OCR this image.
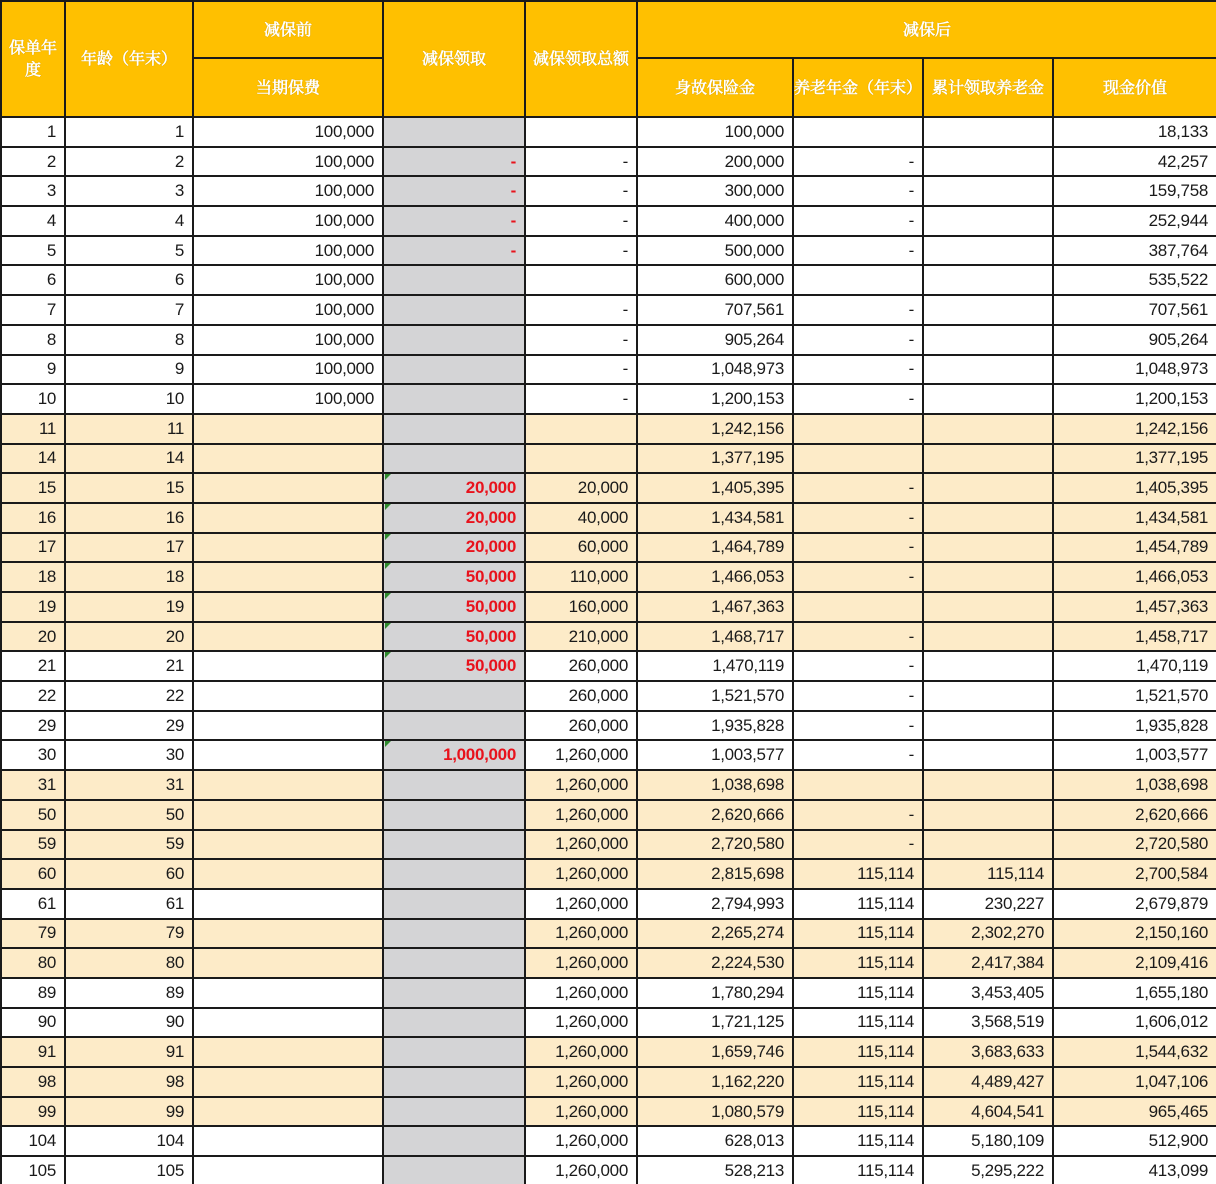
保单年度	年龄（年末）	减保前	减保领取	减保领取总额	减保后			
		当期保费			身故保险金	养老年金（年末）	累计领取养老金	现金价值
1	1	100,000			100,000			18,133
2	2	100,000	-	-	200,000	-		42,257
3	3	100,000	-	-	300,000	-		159,758
4	4	100,000	-	-	400,000	-		252,944
5	5	100,000	-	-	500,000	-		387,764
6	6	100,000			600,000			535,522
7	7	100,000		-	707,561	-		707,561
8	8	100,000		-	905,264	-		905,264
9	9	100,000		-	1,048,973	-		1,048,973
10	10	100,000		-	1,200,153	-		1,200,153
11	11				1,242,156			1,242,156
14	14				1,377,195			1,377,195
15	15		20,000	20,000	1,405,395	-		1,405,395
16	16		20,000	40,000	1,434,581	-		1,434,581
17	17		20,000	60,000	1,464,789	-		1,454,789
18	18		50,000	110,000	1,466,053	-		1,466,053
19	19		50,000	160,000	1,467,363			1,457,363
20	20		50,000	210,000	1,468,717	-		1,458,717
21	21		50,000	260,000	1,470,119	-		1,470,119
22	22			260,000	1,521,570	-		1,521,570
29	29			260,000	1,935,828	-		1,935,828
30	30		1,000,000	1,260,000	1,003,577	-		1,003,577
31	31			1,260,000	1,038,698			1,038,698
50	50			1,260,000	2,620,666	-		2,620,666
59	59			1,260,000	2,720,580	-		2,720,580
60	60			1,260,000	2,815,698	115,114	115,114	2,700,584
61	61			1,260,000	2,794,993	115,114	230,227	2,679,879
79	79			1,260,000	2,265,274	115,114	2,302,270	2,150,160
80	80			1,260,000	2,224,530	115,114	2,417,384	2,109,416
89	89			1,260,000	1,780,294	115,114	3,453,405	1,655,180
90	90			1,260,000	1,721,125	115,114	3,568,519	1,606,012
91	91			1,260,000	1,659,746	115,114	3,683,633	1,544,632
98	98			1,260,000	1,162,220	115,114	4,489,427	1,047,106
99	99			1,260,000	1,080,579	115,114	4,604,541	965,465
104	104			1,260,000	628,013	115,114	5,180,109	512,900
105	105			1,260,000	528,213	115,114	5,295,222	413,099
